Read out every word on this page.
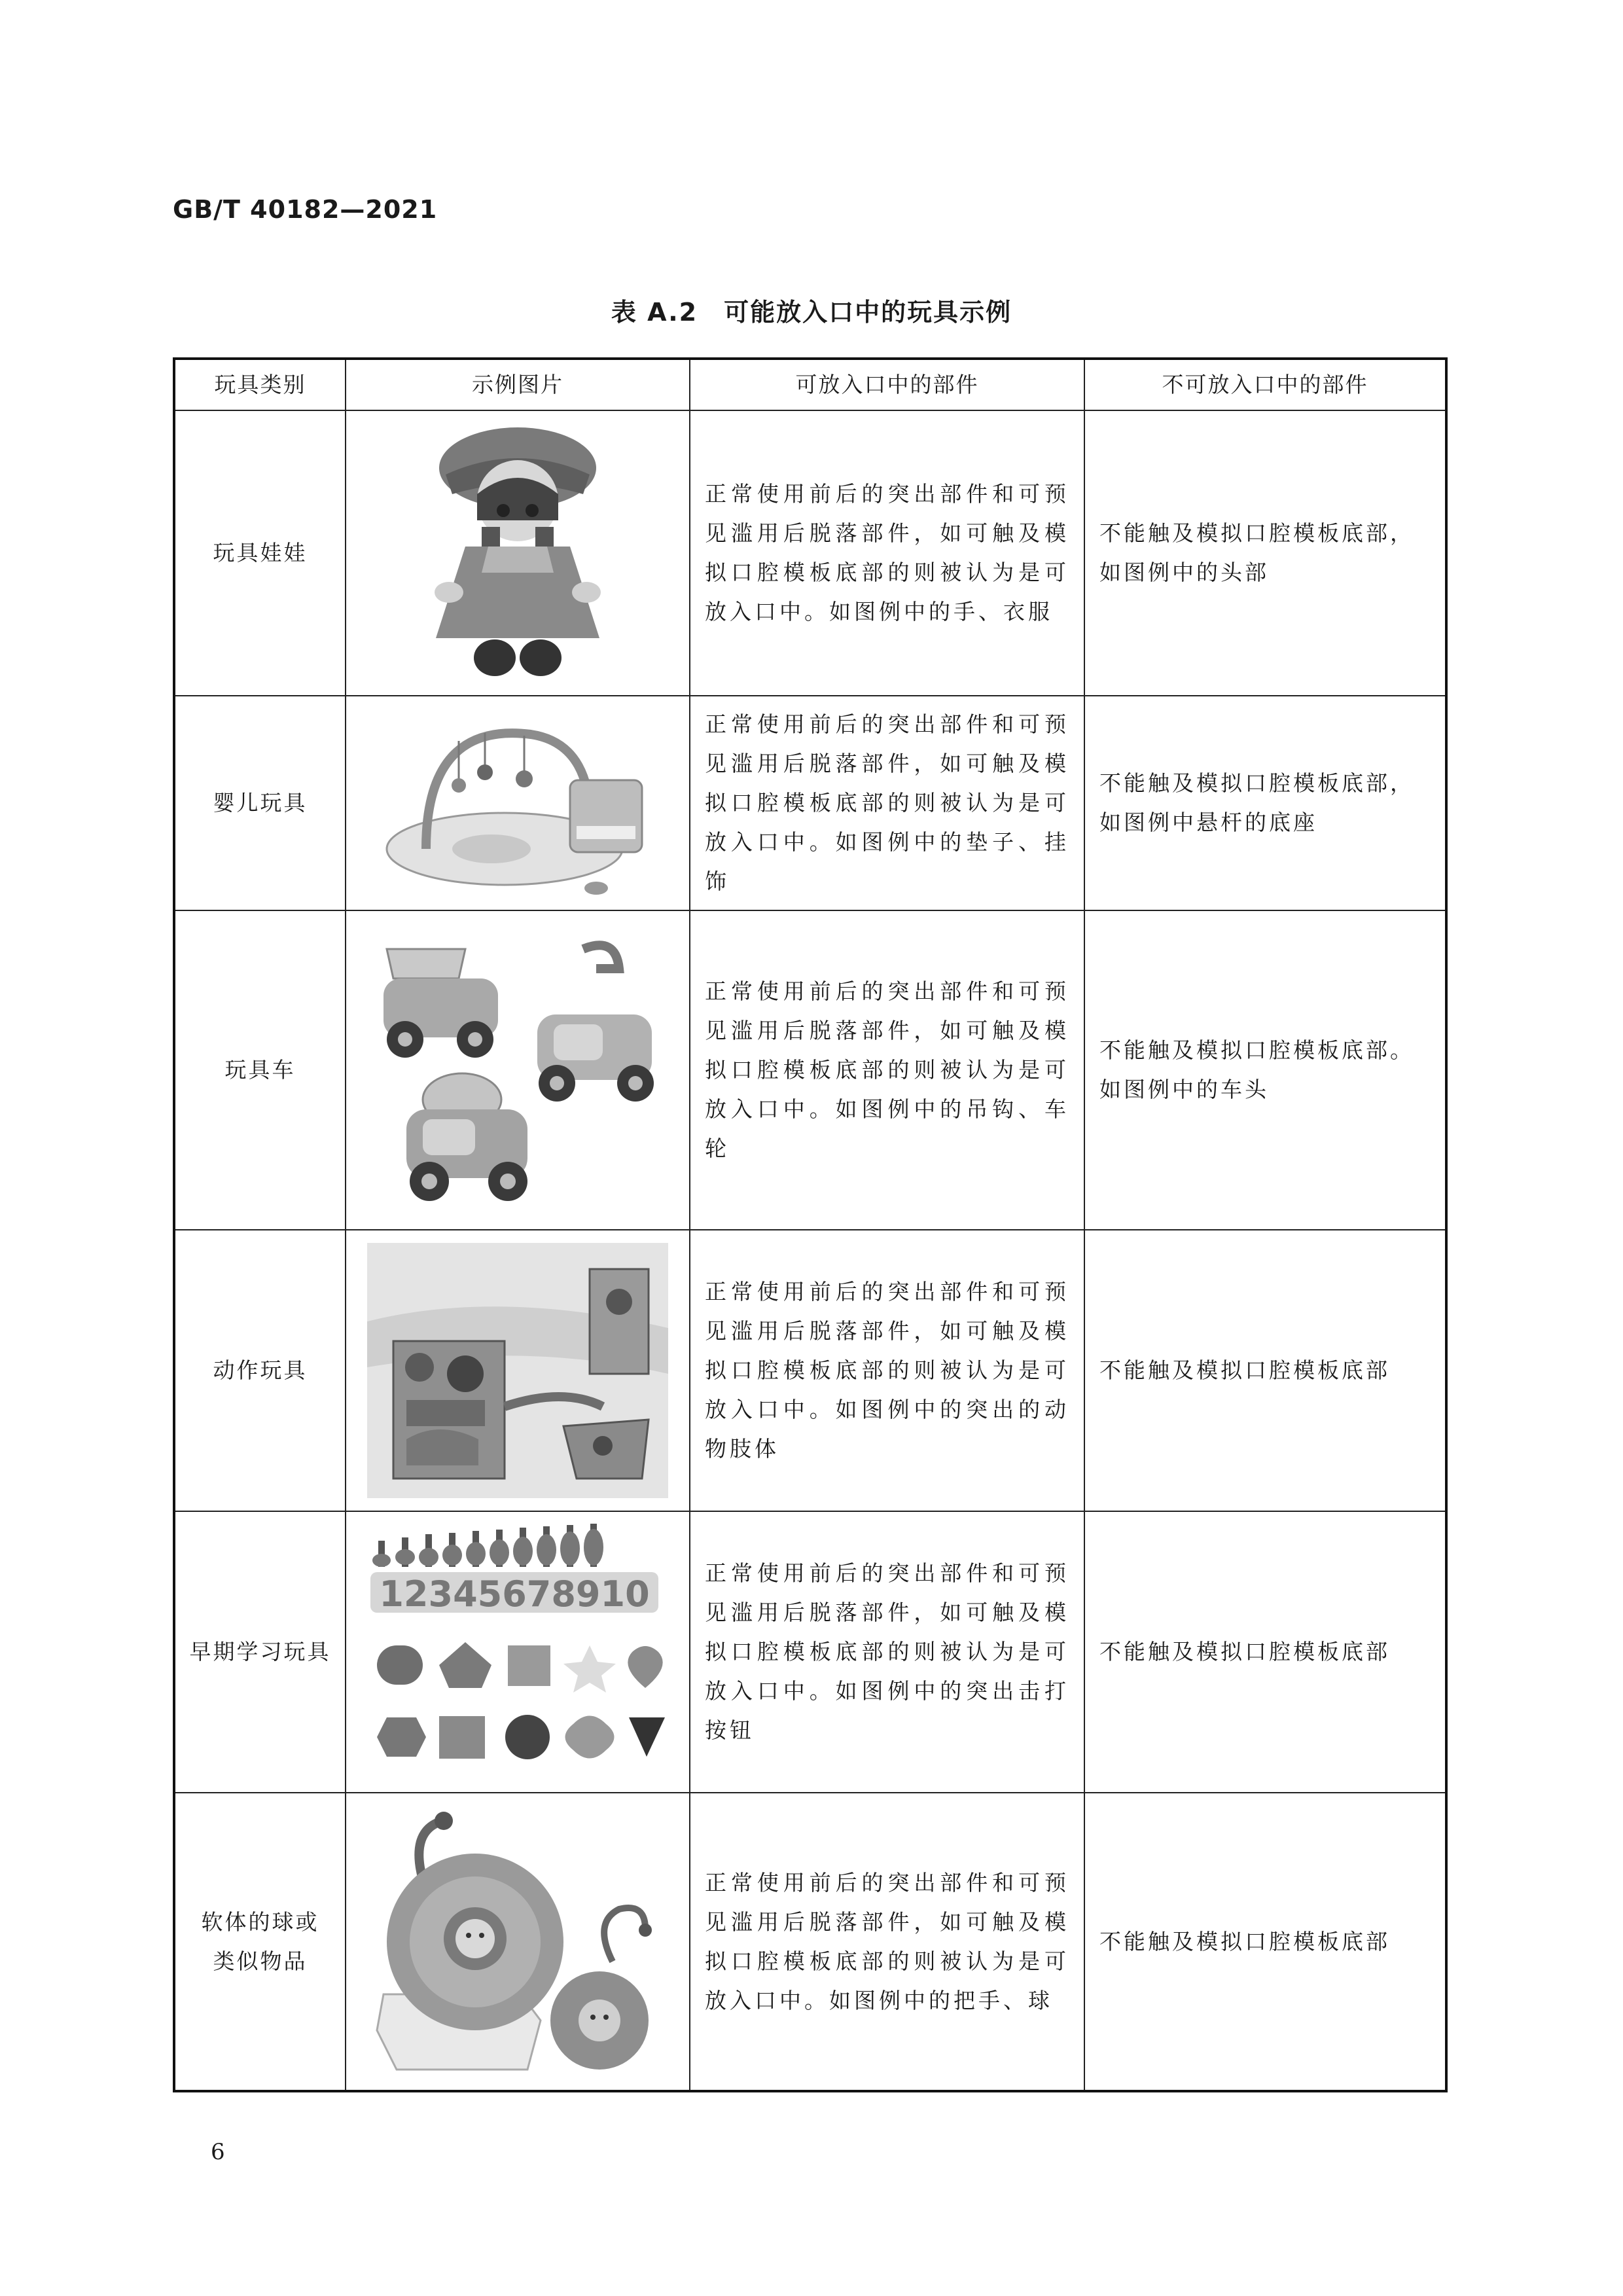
GB/T 40182—2021
表 A.2　可能放入口中的玩具示例
玩具类别	示例图片	可放入口中的部件	不可放入口中的部件
玩具娃娃		正常使用前后的突出部件和可预见滥用后脱落部件，如可触及模拟口腔模板底部的则被认为是可放入口中。如图例中的手、衣服	不能触及模拟口腔模板底部，如图例中的头部
婴儿玩具		正常使用前后的突出部件和可预见滥用后脱落部件，如可触及模拟口腔模板底部的则被认为是可放入口中。如图例中的垫子、挂饰	不能触及模拟口腔模板底部，如图例中悬杆的底座
玩具车		正常使用前后的突出部件和可预见滥用后脱落部件，如可触及模拟口腔模板底部的则被认为是可放入口中。如图例中的吊钩、车轮	不能触及模拟口腔模板底部。如图例中的车头
动作玩具		正常使用前后的突出部件和可预见滥用后脱落部件，如可触及模拟口腔模板底部的则被认为是可放入口中。如图例中的突出的动物肢体	不能触及模拟口腔模板底部
早期学习玩具	12345678910	正常使用前后的突出部件和可预见滥用后脱落部件，如可触及模拟口腔模板底部的则被认为是可放入口中。如图例中的突出击打按钮	不能触及模拟口腔模板底部
软体的球或
类似物品		正常使用前后的突出部件和可预见滥用后脱落部件，如可触及模拟口腔模板底部的则被认为是可放入口中。如图例中的把手、球	不能触及模拟口腔模板底部
6
